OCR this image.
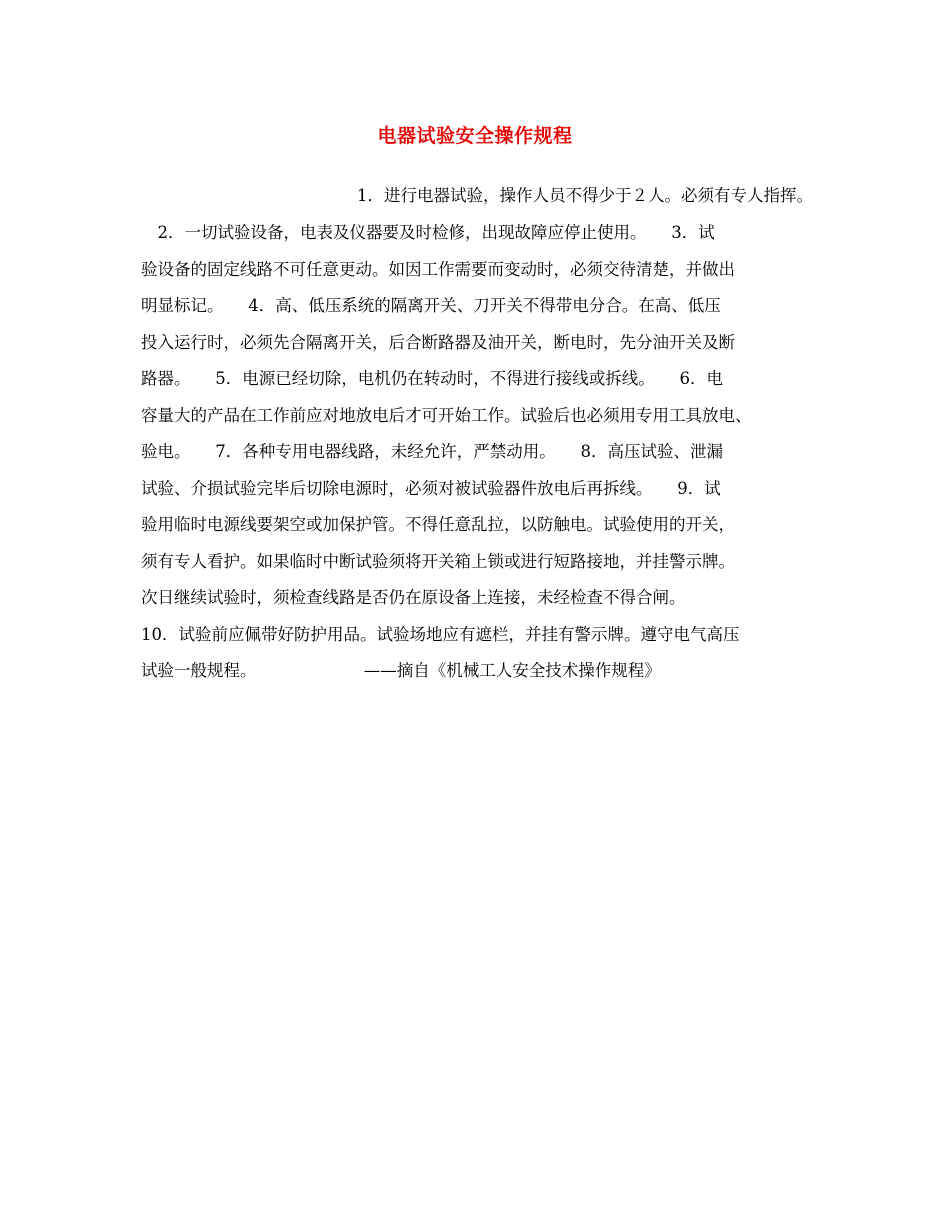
电器试验安全操作规程
1．进行电器试验，操作人员不得少于２人。必须有专人指挥。
　2．一切试验设备，电表及仪器要及时检修，出现故障应停止使用。　　3．试
验设备的固定线路不可任意更动。如因工作需要而变动时，必须交待清楚，并做出
明显标记。　　4．高、低压系统的隔离开关、刀开关不得带电分合。在高、低压
投入运行时，必须先合隔离开关，后合断路器及油开关，断电时，先分油开关及断
路器。　　5．电源已经切除，电机仍在转动时，不得进行接线或拆线。　　6．电
容量大的产品在工作前应对地放电后才可开始工作。试验后也必须用专用工具放电、
验电。　　7．各种专用电器线路，未经允许，严禁动用。　　8．高压试验、泄漏
试验、介损试验完毕后切除电源时，必须对被试验器件放电后再拆线。　　9．试
验用临时电源线要架空或加保护管。不得任意乱拉，以防触电。试验使用的开关，
须有专人看护。如果临时中断试验须将开关箱上锁或进行短路接地，并挂警示牌。
次日继续试验时，须检查线路是否仍在原设备上连接，未经检查不得合闸。
10．试验前应佩带好防护用品。试验场地应有遮栏，并挂有警示牌。遵守电气高压
试验一般规程。　　　　　　　——摘自《机械工人安全技术操作规程》
